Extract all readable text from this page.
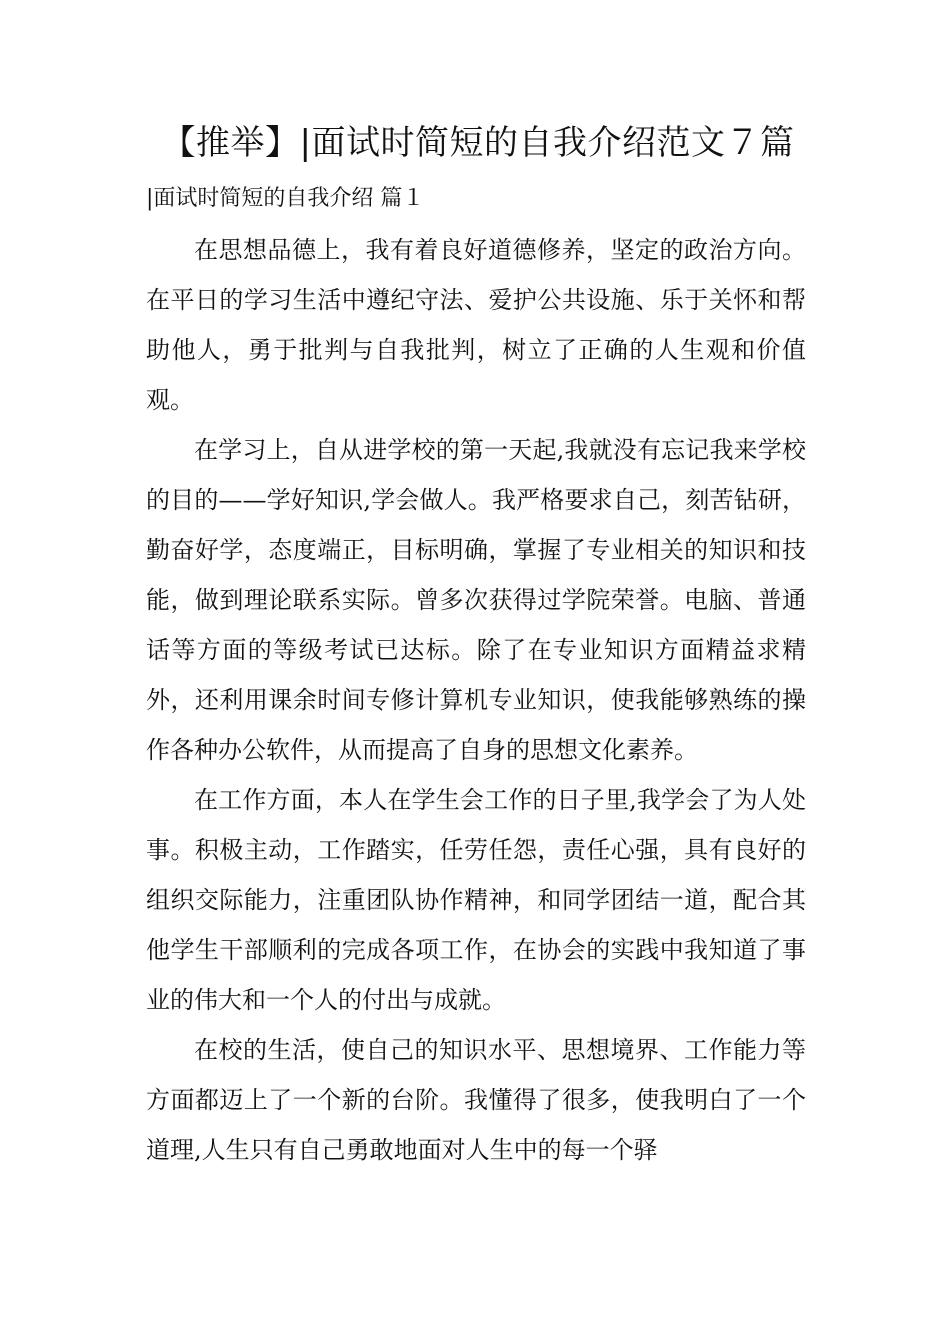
【推举】|面试时简短的自我介绍范文７篇
|面试时简短的自我介绍 篇１

在思想品德上，我有着良好道德修养，坚定的政治方向。在平日的学习生活中遵纪守法、爱护公共设施、乐于关怀和帮助他人，勇于批判与自我批判，树立了正确的人生观和价值观。

在学习上，自从进学校的第一天起,我就没有忘记我来学校的目的——学好知识,学会做人。我严格要求自己，刻苦钻研，勤奋好学，态度端正，目标明确，掌握了专业相关的知识和技能，做到理论联系实际。曾多次获得过学院荣誉。电脑、普通话等方面的等级考试已达标。除了在专业知识方面精益求精外，还利用课余时间专修计算机专业知识，使我能够熟练的操作各种办公软件，从而提高了自身的思想文化素养。

在工作方面，本人在学生会工作的日子里,我学会了为人处事。积极主动，工作踏实，任劳任怨，责任心强，具有良好的组织交际能力，注重团队协作精神，和同学团结一道，配合其他学生干部顺利的完成各项工作，在协会的实践中我知道了事业的伟大和一个人的付出与成就。

在校的生活，使自己的知识水平、思想境界、工作能力等方面都迈上了一个新的台阶。我懂得了很多，使我明白了一个道理,人生只有自己勇敢地面对人生中的每一个驿
